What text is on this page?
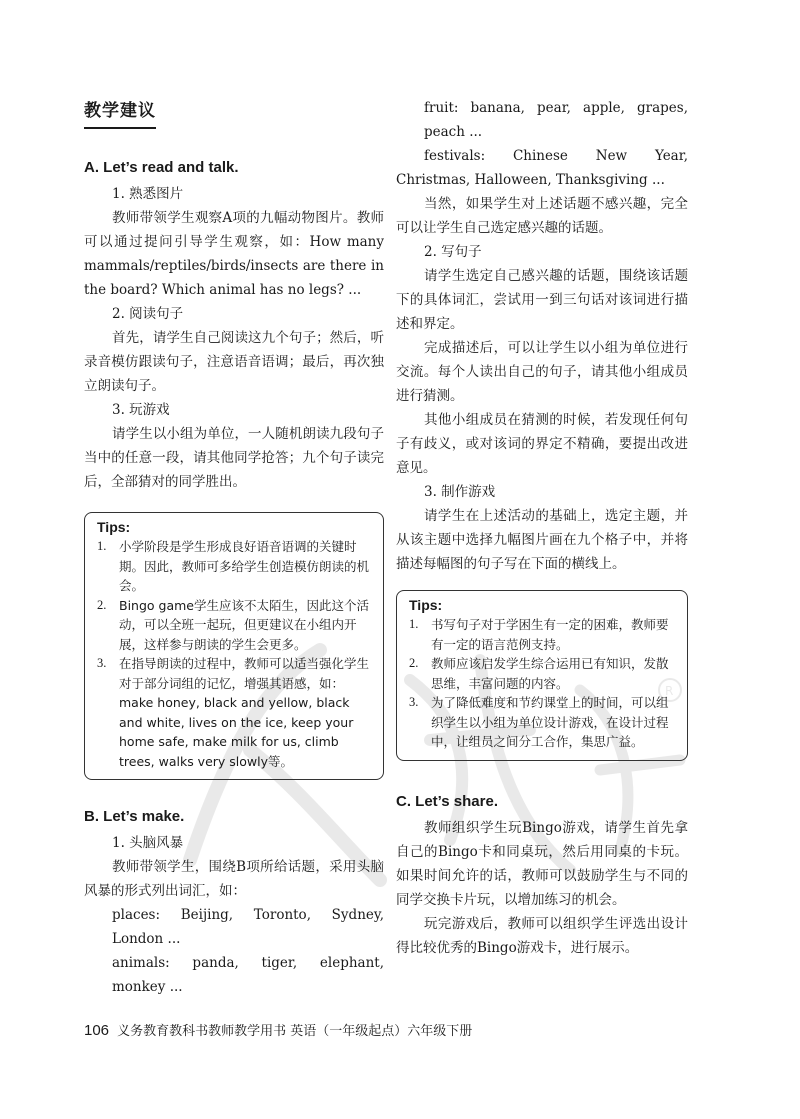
R
教学建议
A. Let’s read and talk.

1. 熟悉图片

教师带领学生观察A项的九幅动物图片。教师可以通过提问引导学生观察，如：How many mammals/reptiles/birds/insects are there in the board? Which animal has no legs? ...

2. 阅读句子

首先，请学生自己阅读这九个句子；然后，听录音模仿跟读句子，注意语音语调；最后，再次独立朗读句子。

3. 玩游戏

请学生以小组为单位，一人随机朗读九段句子当中的任意一段，请其他同学抢答；九个句子读完后，全部猜对的同学胜出。

Tips:

1.	小学阶段是学生形成良好语音语调的关键时期。因此，教师可多给学生创造模仿朗读的机会。
2.	Bingo game学生应该不太陌生，因此这个活动，可以全班一起玩，但更建议在小组内开展，这样参与朗读的学生会更多。
3.	在指导朗读的过程中，教师可以适当强化学生对于部分词组的记忆，增强其语感，如：make honey, black and yellow, black and white, lives on the ice, keep your home safe, make milk for us, climb trees, walks very slowly等。
B. Let’s make.

1. 头脑风暴

教师带领学生，围绕B项所给话题，采用头脑风暴的形式列出词汇，如：

places: Beijing, Toronto, Sydney, London ...

animals: panda, tiger, elephant, monkey ...

fruit: banana, pear, apple, grapes, peach ...

festivals: Chinese New Year, Christmas, Halloween, Thanksgiving ...

当然，如果学生对上述话题不感兴趣，完全可以让学生自己选定感兴趣的话题。

2. 写句子

请学生选定自己感兴趣的话题，围绕该话题下的具体词汇，尝试用一到三句话对该词进行描述和界定。

完成描述后，可以让学生以小组为单位进行交流。每个人读出自己的句子，请其他小组成员进行猜测。

其他小组成员在猜测的时候，若发现任何句子有歧义，或对该词的界定不精确，要提出改进意见。

3. 制作游戏

请学生在上述活动的基础上，选定主题，并从该主题中选择九幅图片画在九个格子中，并将描述每幅图的句子写在下面的横线上。

Tips:

1.	书写句子对于学困生有一定的困难，教师要有一定的语言范例支持。
2.	教师应该启发学生综合运用已有知识，发散思维，丰富问题的内容。
3.	为了降低难度和节约课堂上的时间，可以组织学生以小组为单位设计游戏，在设计过程中，让组员之间分工合作，集思广益。
C. Let’s share.

教师组织学生玩Bingo游戏，请学生首先拿自己的Bingo卡和同桌玩，然后用同桌的卡玩。如果时间允许的话，教师可以鼓励学生与不同的同学交换卡片玩，以增加练习的机会。

玩完游戏后，教师可以组织学生评选出设计得比较优秀的Bingo游戏卡，进行展示。

106 义务教育教科书教师教学用书 英语（一年级起点）六年级下册
